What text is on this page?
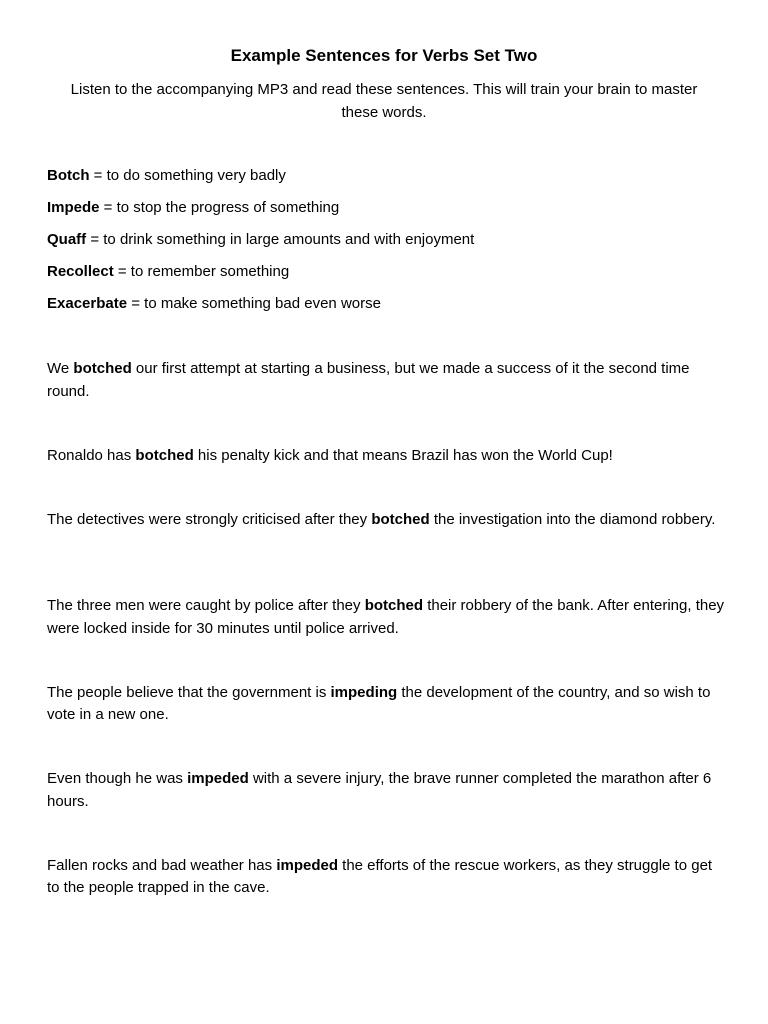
Example Sentences for Verbs Set Two
Listen to the accompanying MP3 and read these sentences. This will train your brain to master these words.
Botch = to do something very badly
Impede = to stop the progress of something
Quaff = to drink something in large amounts and with enjoyment
Recollect = to remember something
Exacerbate = to make something bad even worse
We botched our first attempt at starting a business, but we made a success of it the second time round.
Ronaldo has botched his penalty kick and that means Brazil has won the World Cup!
The detectives were strongly criticised after they botched the investigation into the diamond robbery.
The three men were caught by police after they botched their robbery of the bank. After entering, they were locked inside for 30 minutes until police arrived.
The people believe that the government is impeding the development of the country, and so wish to vote in a new one.
Even though he was impeded with a severe injury, the brave runner completed the marathon after 6 hours.
Fallen rocks and bad weather has impeded the efforts of the rescue workers, as they struggle to get to the people trapped in the cave.
